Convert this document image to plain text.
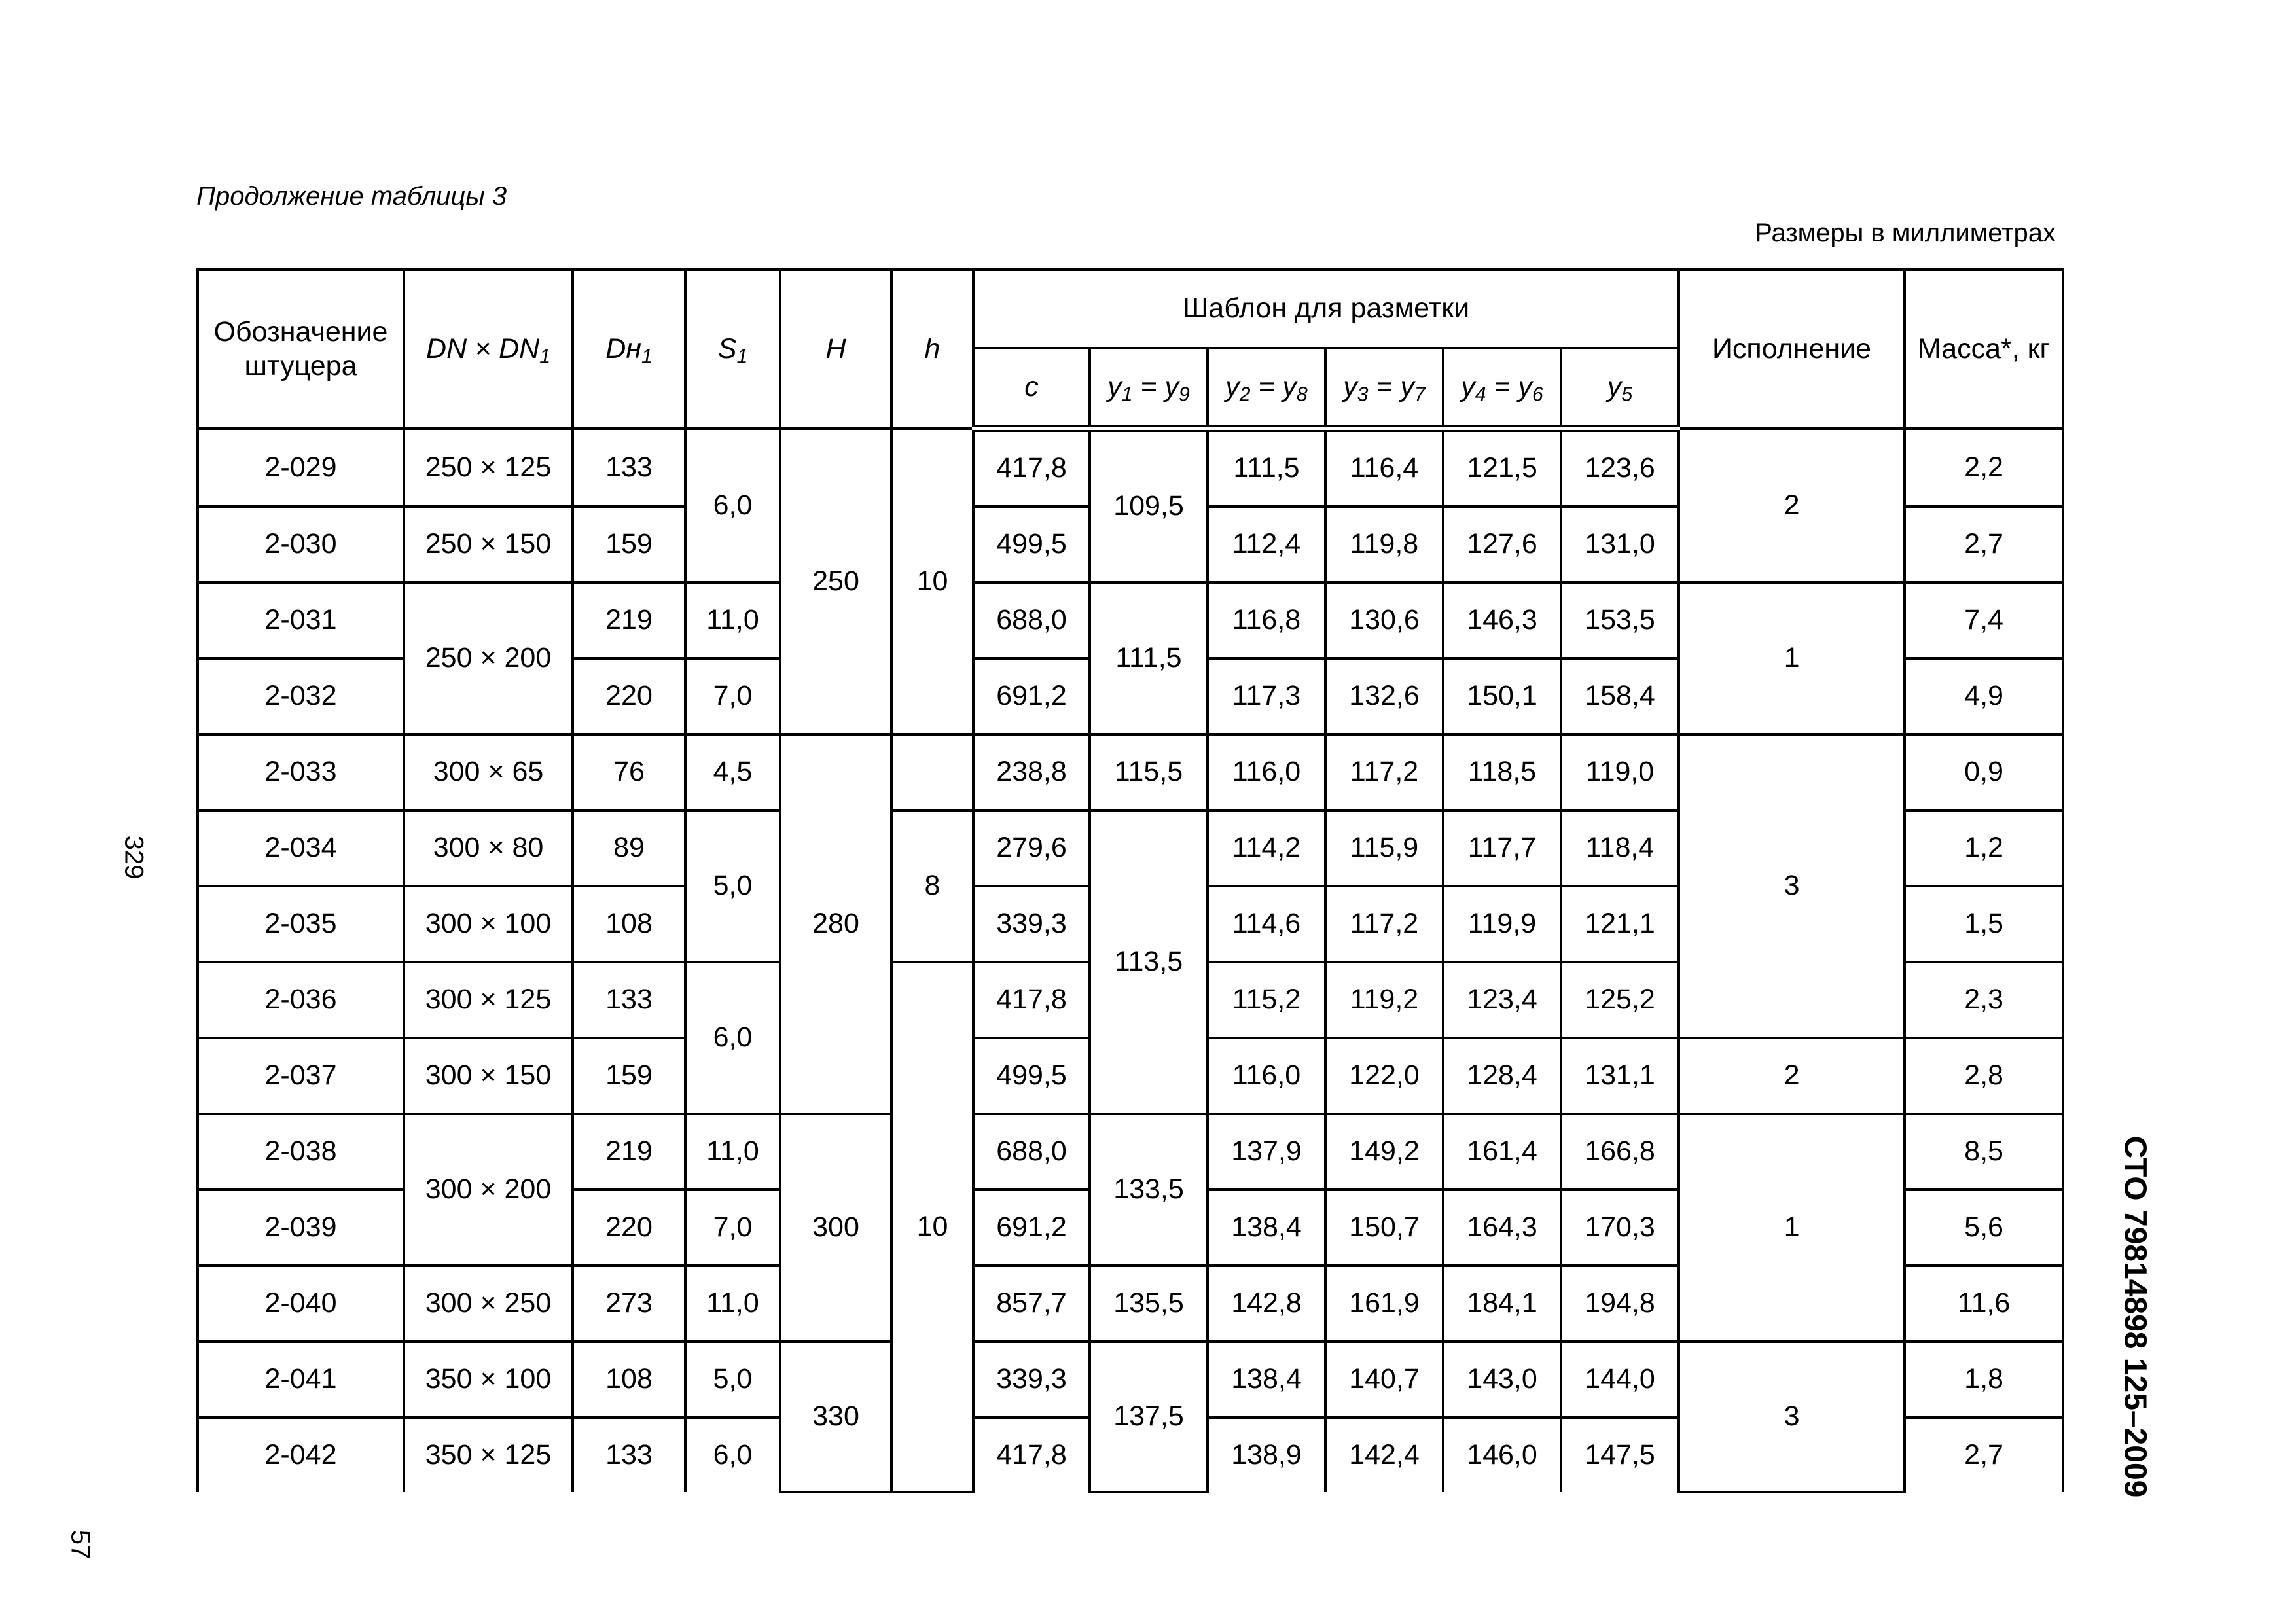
Продолжение таблицы 3
Размеры в миллиметрах
329
57
СТО 79814898 125–2009
Обозначение штуцера	DN × $DN_1$	$Dн_1$	$S_1$	H	h	Шаблон для разметки						Исполнение	Масса*, кг
						c	$y_1 = y_9$	$y_2 = y_8$	$y_3 = y_7$	$y_4 = y_6$	$y_5$
2-029	250 × 125	133	6,0	250	10	417,8	109,5	111,5	116,4	121,5	123,6	2	2,2
2-030	250 × 150	159				499,5		112,4	119,8	127,6	131,0		2,7
2-031	250 × 200	219	11,0			688,0	111,5	116,8	130,6	146,3	153,5	1	7,4
2-032		220	7,0			691,2		117,3	132,6	150,1	158,4		4,9
2-033	300 × 65	76	4,5	280		238,8	115,5	116,0	117,2	118,5	119,0	3	0,9
2-034	300 × 80	89	5,0		8	279,6	113,5	114,2	115,9	117,7	118,4		1,2
2-035	300 × 100	108				339,3		114,6	117,2	119,9	121,1		1,5
2-036	300 × 125	133	6,0		10	417,8		115,2	119,2	123,4	125,2		2,3
2-037	300 × 150	159				499,5		116,0	122,0	128,4	131,1	2	2,8
2-038	300 × 200	219	11,0	300		688,0	133,5	137,9	149,2	161,4	166,8	1	8,5
2-039		220	7,0			691,2		138,4	150,7	164,3	170,3		5,6
2-040	300 × 250	273	11,0			857,7	135,5	142,8	161,9	184,1	194,8		11,6
2-041	350 × 100	108	5,0	330		339,3	137,5	138,4	140,7	143,0	144,0	3	1,8
2-042	350 × 125	133	6,0			417,8		138,9	142,4	146,0	147,5		2,7
